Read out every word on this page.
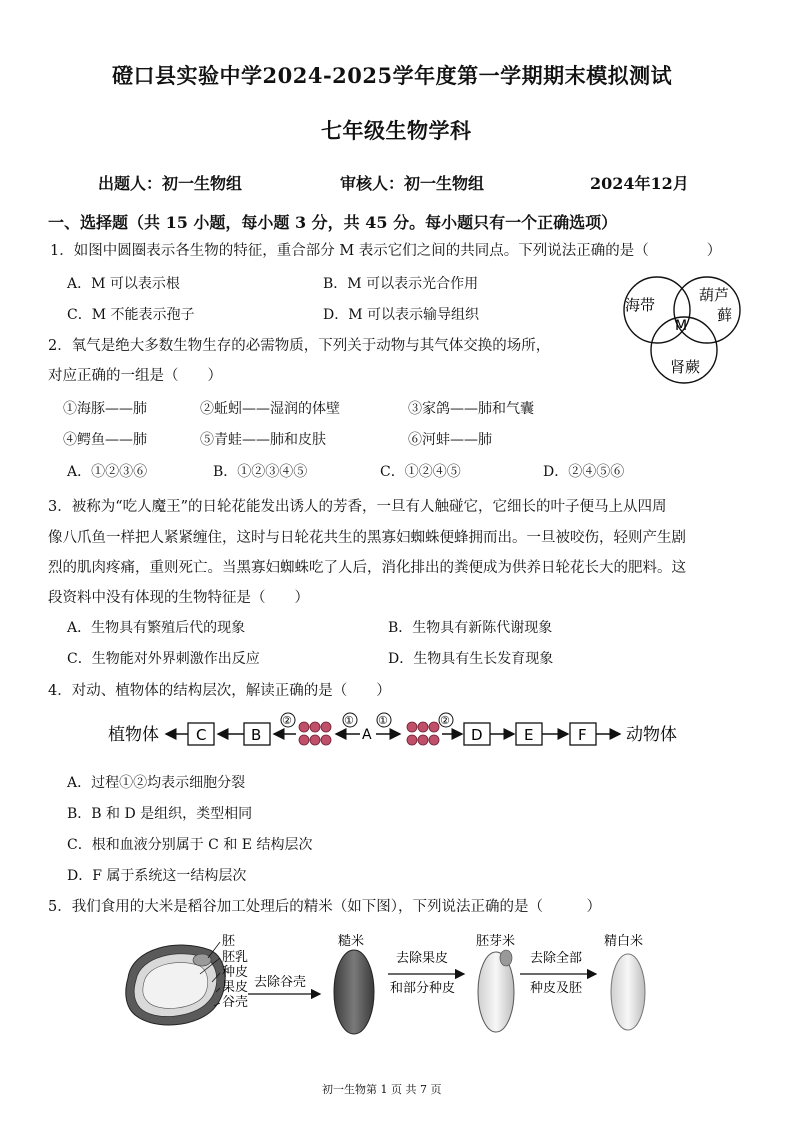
磴口县实验中学2024-2025学年度第一学期期末模拟测试
七年级生物学科
出题人：初一生物组	审核人：初一生物组	2024年12月
一、选择题（共 15 小题，每小题 3 分，共 45 分。每小题只有一个正确选项）
1．如图中圆圈表示各生物的特征，重合部分 M 表示它们之间的共同点。下列说法正确的是（　　　　）
A．M 可以表示根	B．M 可以表示光合作用
C．M 不能表示孢子	D．M 可以表示输导组织
海带
葫芦
藓
肾蕨
M
2．氧气是绝大多数生物生存的必需物质，下列关于动物与其气体交换的场所，
对应正确的一组是（　　）
①海豚——肺	②蚯蚓——湿润的体壁	③家鸽——肺和气囊
④鳄鱼——肺	⑤青蛙——肺和皮肤	⑥河蚌——肺
A．①②③⑥	B．①②③④⑤	C．①②④⑤	D．②④⑤⑥
3．被称为“吃人魔王”的日轮花能发出诱人的芳香，一旦有人触碰它，它细长的叶子便马上从四周
像八爪鱼一样把人紧紧缠住，这时与日轮花共生的黑寡妇蜘蛛便蜂拥而出。一旦被咬伤，轻则产生剧
烈的肌肉疼痛，重则死亡。当黑寡妇蜘蛛吃了人后，消化排出的粪便成为供养日轮花长大的肥料。这
段资料中没有体现的生物特征是（　　）
A．生物具有繁殖后代的现象	B．生物具有新陈代谢现象
C．生物能对外界刺激作出反应	D．生物具有生长发育现象
4．对动、植物体的结构层次，解读正确的是（　　）
植物体 C	B
②	①
A
①	②
D	E	F 动物体
A．过程①②均表示细胞分裂
B．B 和 D 是组织，类型相同
C．根和血液分别属于 C 和 E 结构层次
D．F 属于系统这一结构层次
5．我们食用的大米是稻谷加工处理后的精米（如下图），下列说法正确的是（　　　）
胚
胚乳
种皮
果皮
谷壳
去除谷壳
糙米
去除果皮
和部分种皮
胚芽米
去除全部
种皮及胚
精白米
初一生物第 1 页 共 7 页
